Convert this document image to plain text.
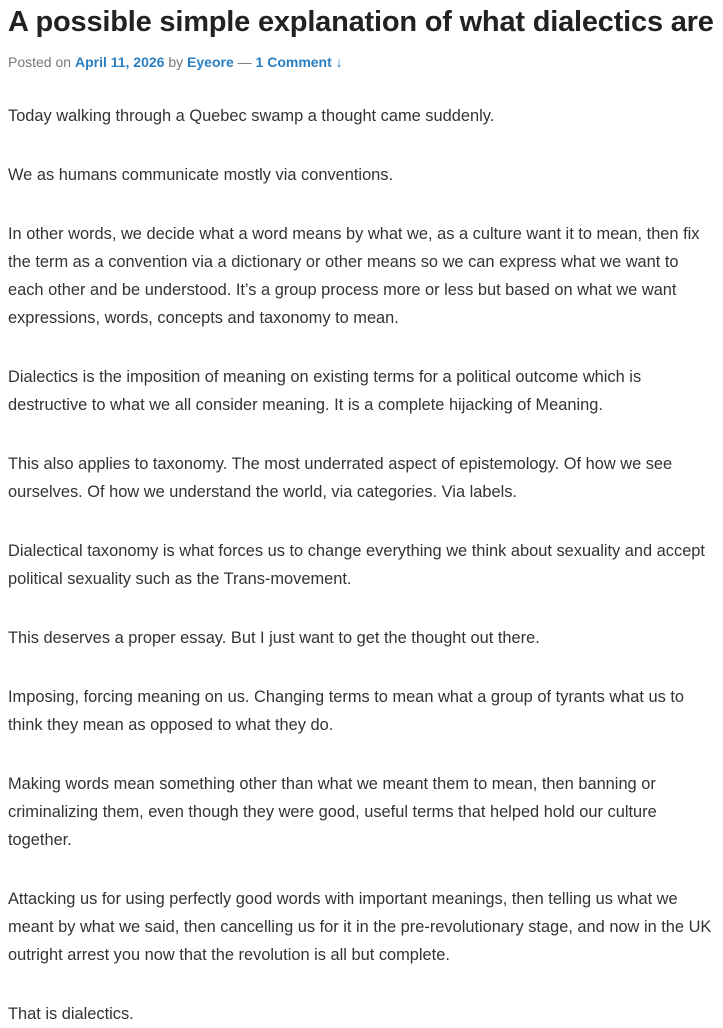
A possible simple explanation of what dialectics are
Posted on April 11, 2026 by Eyeore — 1 Comment ↓

Today walking through a Quebec swamp a thought came suddenly.

We as humans communicate mostly via conventions.

In other words, we decide what a word means by what we, as a culture want it to mean, then fix the term as a convention via a dictionary or other means so we can express what we want to each other and be understood. It’s a group process more or less but based on what we want expressions, words, concepts and taxonomy to mean.

Dialectics is the imposition of meaning on existing terms for a political outcome which is destructive to what we all consider meaning. It is a complete hijacking of Meaning.

This also applies to taxonomy. The most underrated aspect of epistemology. Of how we see ourselves. Of how we understand the world, via categories. Via labels.

Dialectical taxonomy is what forces us to change everything we think about sexuality and accept political sexuality such as the Trans-movement.

This deserves a proper essay. But I just want to get the thought out there.

Imposing, forcing meaning on us. Changing terms to mean what a group of tyrants what us to think they mean as opposed to what they do.

Making words mean something other than what we meant them to mean, then banning or criminalizing them, even though they were good, useful terms that helped hold our culture together.

Attacking us for using perfectly good words with important meanings, then telling us what we meant by what we said, then cancelling us for it in the pre-revolutionary stage, and now in the UK outright arrest you now that the revolution is all but complete.

That is dialectics.
